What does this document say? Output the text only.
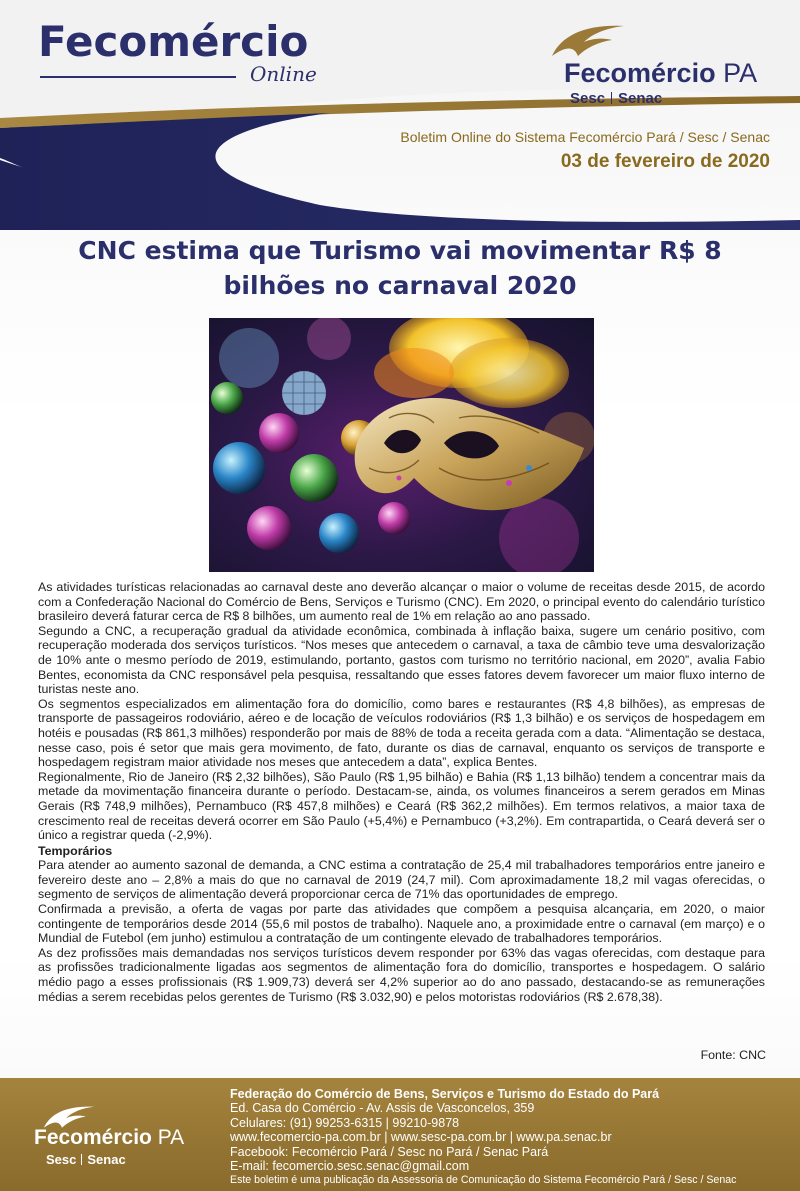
Fecomércio
Online	Fecomércio PA
Sesc Senac
Boletim Online do Sistema Fecomércio Pará / Sesc / Senac
03 de fevereiro de 2020
CNC estima que Turismo vai movimentar R$ 8 bilhões no carnaval 2020

As atividades turísticas relacionadas ao carnaval deste ano deverão alcançar o maior o volume de receitas desde 2015, de acordo com a Confederação Nacional do Comércio de Bens, Serviços e Turismo (CNC). Em 2020, o principal evento do calendário turístico brasileiro deverá faturar cerca de R$ 8 bilhões, um aumento real de 1% em relação ao ano passado.

Segundo a CNC, a recuperação gradual da atividade econômica, combinada à inflação baixa, sugere um cenário positivo, com recuperação moderada dos serviços turísticos. “Nos meses que antecedem o carnaval, a taxa de câmbio teve uma desvalorização de 10% ante o mesmo período de 2019, estimulando, portanto, gastos com turismo no território nacional, em 2020”, avalia Fabio Bentes, economista da CNC responsável pela pesquisa, ressaltando que esses fatores devem favorecer um maior fluxo interno de turistas neste ano.

Os segmentos especializados em alimentação fora do domicílio, como bares e restaurantes (R$ 4,8 bilhões), as empresas de transporte de passageiros rodoviário, aéreo e de locação de veículos rodoviários (R$ 1,3 bilhão) e os serviços de hospedagem em hotéis e pousadas (R$ 861,3 milhões) responderão por mais de 88% de toda a receita gerada com a data. “Alimentação se destaca, nesse caso, pois é setor que mais gera movimento, de fato, durante os dias de carnaval, enquanto os serviços de transporte e hospedagem registram maior atividade nos meses que antecedem a data”, explica Bentes.

Regionalmente, Rio de Janeiro (R$ 2,32 bilhões), São Paulo (R$ 1,95 bilhão) e Bahia (R$ 1,13 bilhão) tendem a concentrar mais da metade da movimentação financeira durante o período. Destacam-se, ainda, os volumes financeiros a serem gerados em Minas Gerais (R$ 748,9 milhões), Pernambuco (R$ 457,8 milhões) e Ceará (R$ 362,2 milhões). Em termos relativos, a maior taxa de crescimento real de receitas deverá ocorrer em São Paulo (+5,4%) e Pernambuco (+3,2%). Em contrapartida, o Ceará deverá ser o único a registrar queda (-2,9%).

Temporários

Para atender ao aumento sazonal de demanda, a CNC estima a contratação de 25,4 mil trabalhadores temporários entre janeiro e fevereiro deste ano – 2,8% a mais do que no carnaval de 2019 (24,7 mil). Com aproximadamente 18,2 mil vagas oferecidas, o segmento de serviços de alimentação deverá proporcionar cerca de 71% das oportunidades de emprego.

Confirmada a previsão, a oferta de vagas por parte das atividades que compõem a pesquisa alcançaria, em 2020, o maior contingente de temporários desde 2014 (55,6 mil postos de trabalho). Naquele ano, a proximidade entre o carnaval (em março) e o Mundial de Futebol (em junho) estimulou a contratação de um contingente elevado de trabalhadores temporários.

As dez profissões mais demandadas nos serviços turísticos devem responder por 63% das vagas oferecidas, com destaque para as profissões tradicionalmente ligadas aos segmentos de alimentação fora do domicílio, transportes e hospedagem. O salário médio pago a esses profissionais (R$ 1.909,73) deverá ser 4,2% superior ao do ano passado, destacando-se as remunerações médias a serem recebidas pelos gerentes de Turismo (R$ 3.032,90) e pelos motoristas rodoviários (R$ 2.678,38).

Fonte: CNC
Fecomércio PA
Sesc Senac
Federação do Comércio de Bens, Serviços e Turismo do Estado do Pará
Ed. Casa do Comércio - Av. Assis de Vasconcelos, 359
Celulares: (91) 99253-6315 | 99210-9878
www.fecomercio-pa.com.br | www.sesc-pa.com.br | www.pa.senac.br
Facebook: Fecomércio Pará / Sesc no Pará / Senac Pará
E-mail: fecomercio.sesc.senac@gmail.com
Este boletim é uma publicação da Assessoria de Comunicação do Sistema Fecomércio Pará / Sesc / Senac
